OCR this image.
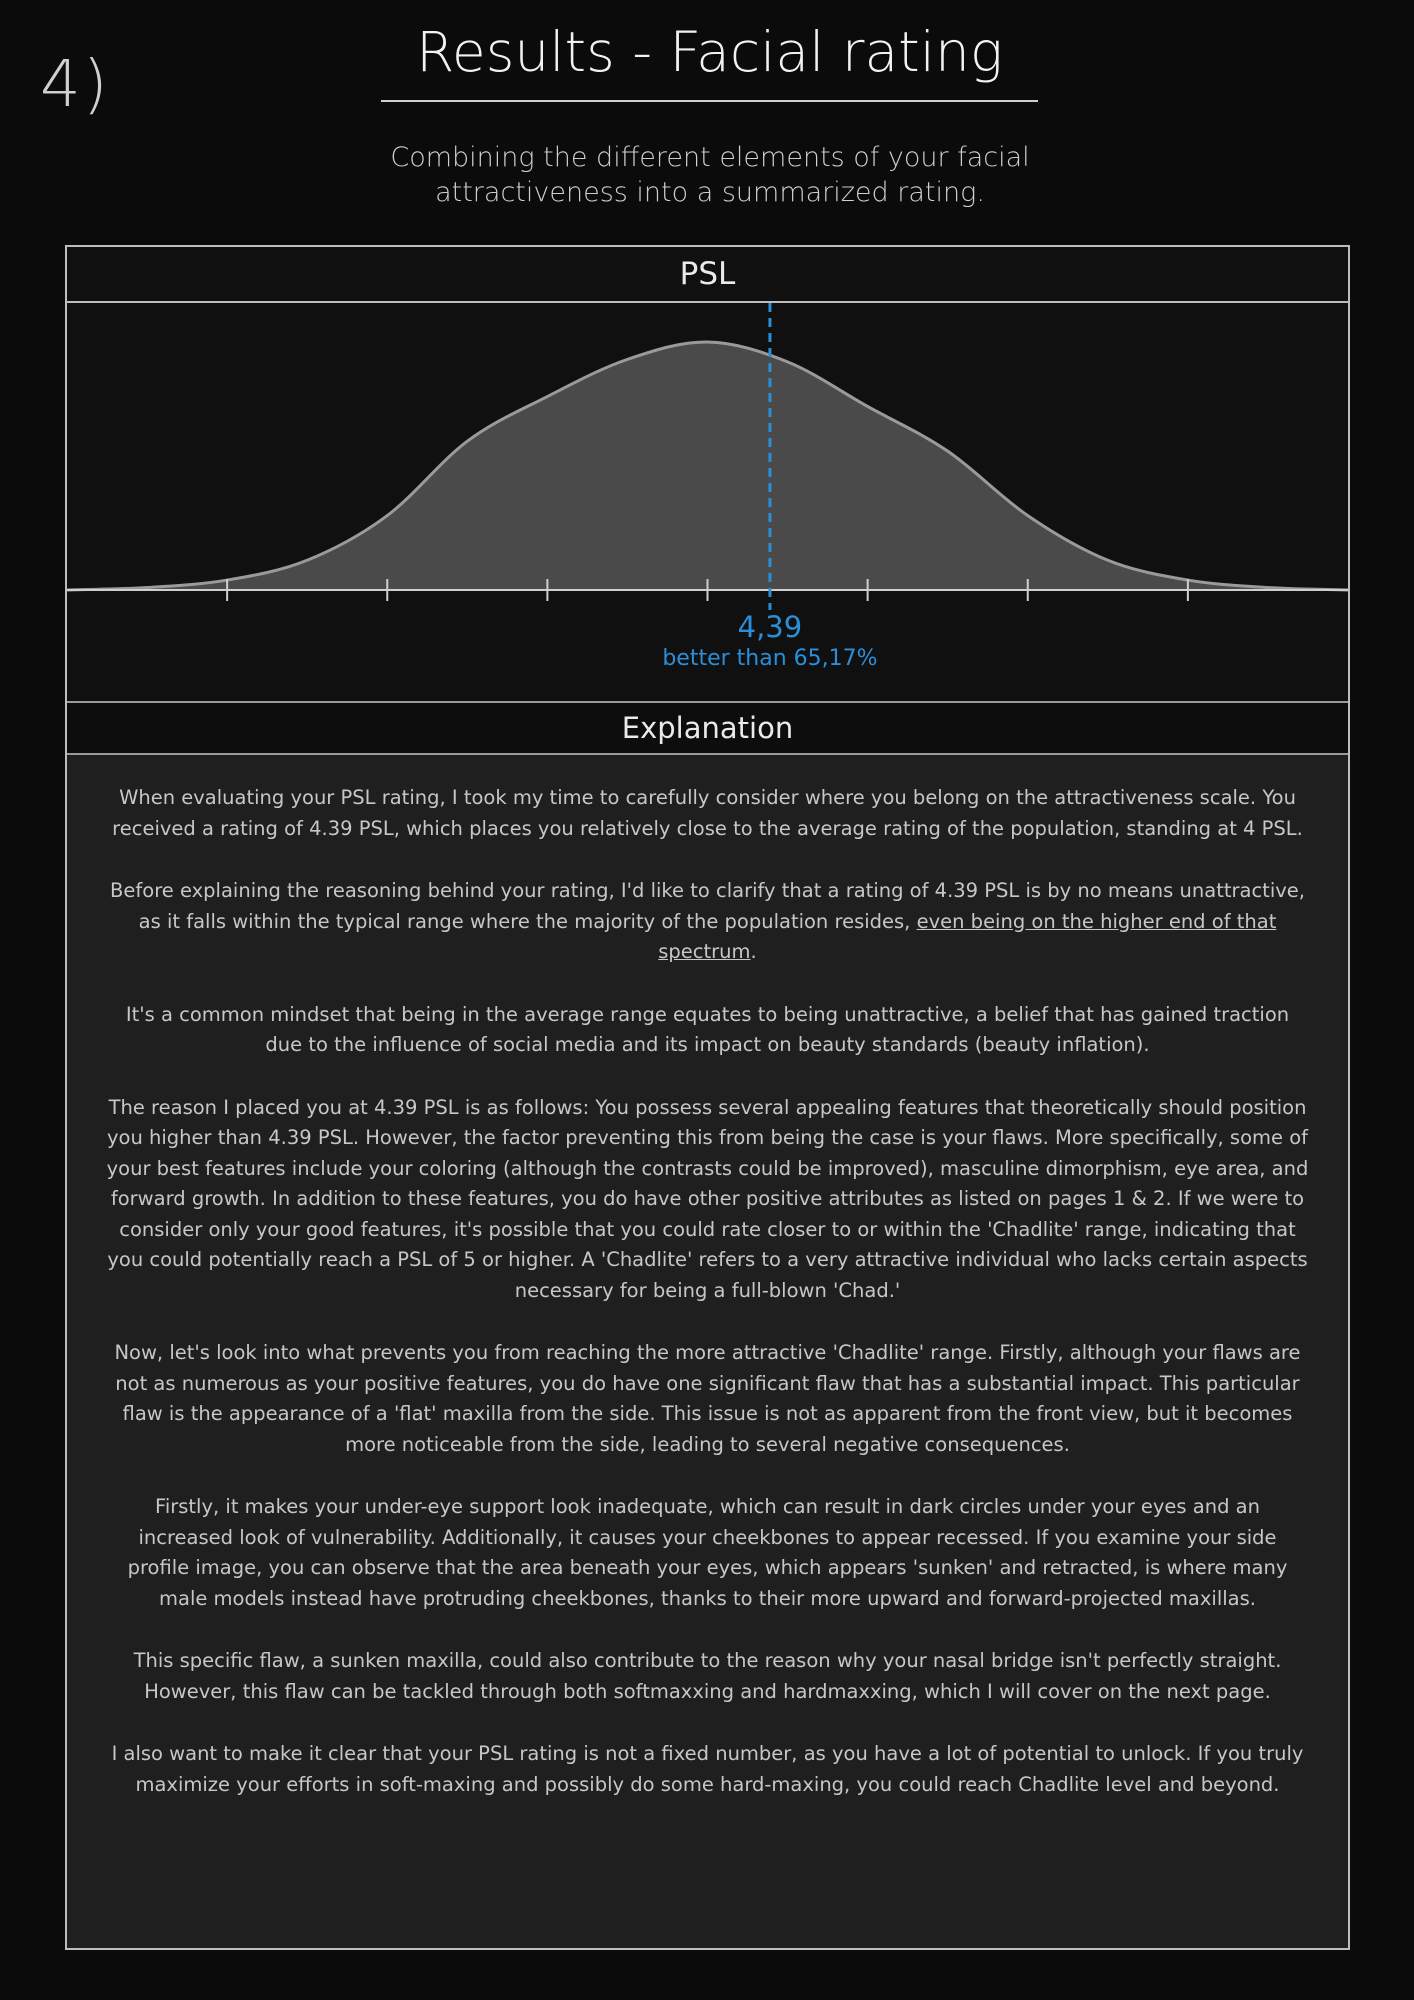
4)	Results - Facial rating
Combining the different elements of your facial attractiveness into a summarized rating.
PSL
4,39
better than 65,17%
Explanation

When evaluating your PSL rating, I took my time to carefully consider where you belong on the attractiveness scale. You received a rating of 4.39 PSL, which places you relatively close to the average rating of the population, standing at 4 PSL.

Before explaining the reasoning behind your rating, I'd like to clarify that a rating of 4.39 PSL is by no means unattractive, as it falls within the typical range where the majority of the population resides, even being on the higher end of that spectrum.

It's a common mindset that being in the average range equates to being unattractive, a belief that has gained traction due to the influence of social media and its impact on beauty standards (beauty inflation).

The reason I placed you at 4.39 PSL is as follows: You possess several appealing features that theoretically should position you higher than 4.39 PSL. However, the factor preventing this from being the case is your flaws. More specifically, some of your best features include your coloring (although the contrasts could be improved), masculine dimorphism, eye area, and forward growth. In addition to these features, you do have other positive attributes as listed on pages 1 & 2. If we were to consider only your good features, it's possible that you could rate closer to or within the 'Chadlite' range, indicating that you could potentially reach a PSL of 5 or higher. A 'Chadlite' refers to a very attractive individual who lacks certain aspects necessary for being a full-blown 'Chad.'

Now, let's look into what prevents you from reaching the more attractive 'Chadlite' range. Firstly, although your flaws are not as numerous as your positive features, you do have one significant flaw that has a substantial impact. This particular flaw is the appearance of a 'flat' maxilla from the side. This issue is not as apparent from the front view, but it becomes more noticeable from the side, leading to several negative consequences.

Firstly, it makes your under-eye support look inadequate, which can result in dark circles under your eyes and an increased look of vulnerability. Additionally, it causes your cheekbones to appear recessed. If you examine your side profile image, you can observe that the area beneath your eyes, which appears 'sunken' and retracted, is where many male models instead have protruding cheekbones, thanks to their more upward and forward-projected maxillas.

This specific flaw, a sunken maxilla, could also contribute to the reason why your nasal bridge isn't perfectly straight. However, this flaw can be tackled through both softmaxxing and hardmaxxing, which I will cover on the next page.

I also want to make it clear that your PSL rating is not a fixed number, as you have a lot of potential to unlock. If you truly maximize your efforts in soft-maxing and possibly do some hard-maxing, you could reach Chadlite level and beyond.
